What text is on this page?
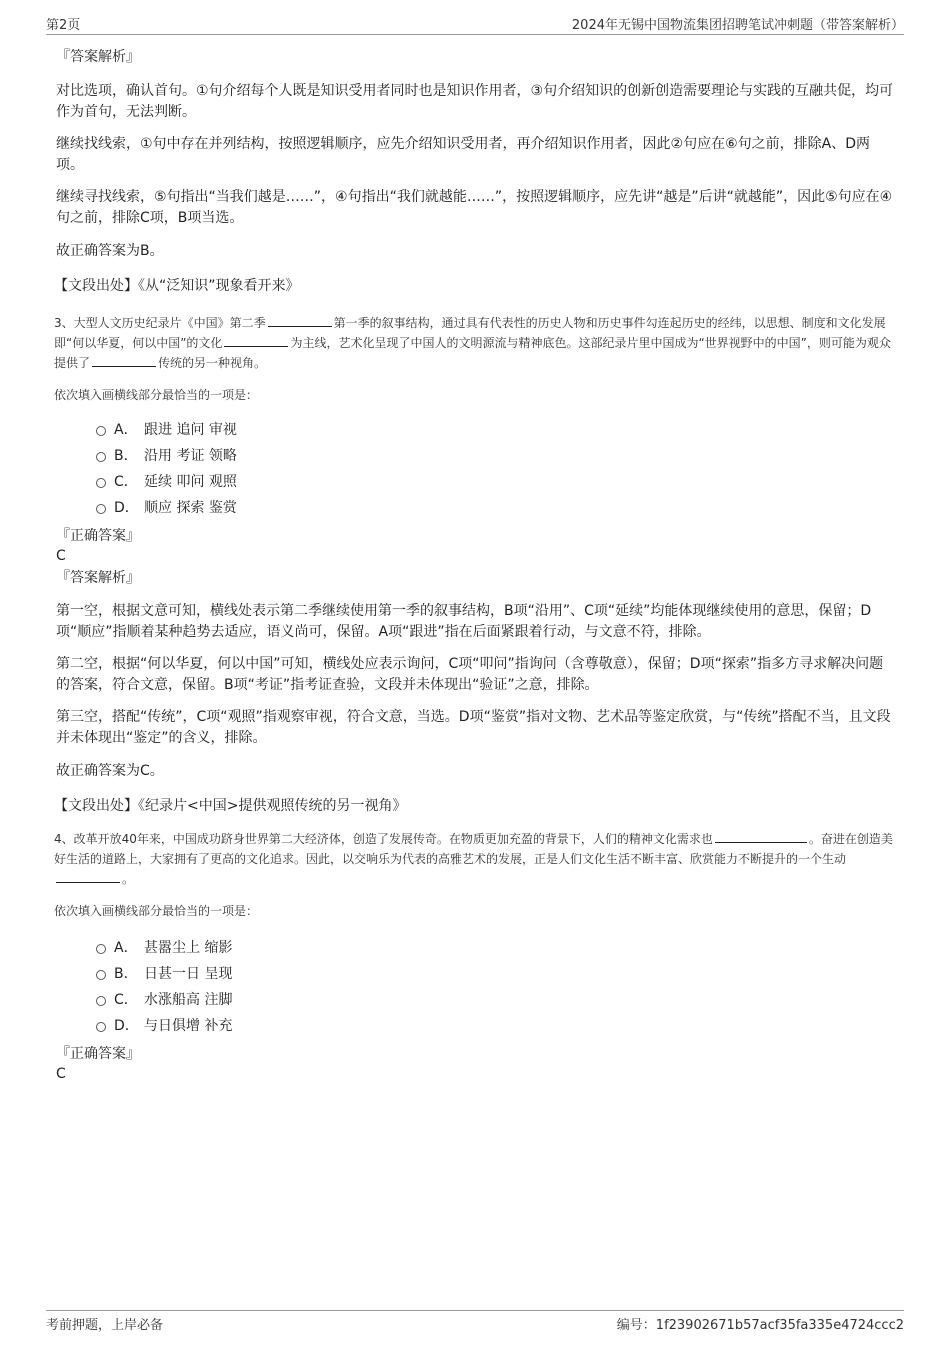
第2页	2024年无锡中国物流集团招聘笔试冲刺题（带答案解析）
『答案解析』

对比选项，确认首句。①句介绍每个人既是知识受用者同时也是知识作用者，③句介绍知识的创新创造需要理论与实践的互融共促，均可作为首句，无法判断。

继续找线索，①句中存在并列结构，按照逻辑顺序，应先介绍知识受用者，再介绍知识作用者，因此②句应在⑥句之前，排除A、D两项。

继续寻找线索，⑤句指出“当我们越是……”，④句指出“我们就越能……”，按照逻辑顺序，应先讲“越是”后讲“就越能”，因此⑤句应在④句之前，排除C项，B项当选。

故正确答案为B。

【文段出处】《从“泛知识”现象看开来》

3、大型人文历史纪录片《中国》第二季	第一季的叙事结构，通过具有代表性的历史人物和历史事件勾连起历史的经纬，以思想、制度和文化发展即“何以华夏，何以中国”的文化	为主线，艺术化呈现了中国人的文明源流与精神底色。这部纪录片里中国成为“世界视野中的中国”，则可能为观众提供了	传统的另一种视角。

依次填入画横线部分最恰当的一项是：

A． 跟进 追问 审视
B． 沿用 考证 领略
C． 延续 叩问 观照
D． 顺应 探索 鉴赏
『正确答案』
C
『答案解析』

第一空，根据文意可知，横线处表示第二季继续使用第一季的叙事结构，B项“沿用”、C项“延续”均能体现继续使用的意思，保留；D项“顺应”指顺着某种趋势去适应，语义尚可，保留。A项“跟进”指在后面紧跟着行动，与文意不符，排除。

第二空，根据“何以华夏，何以中国”可知，横线处应表示询问，C项“叩问”指询问（含尊敬意），保留；D项“探索”指多方寻求解决问题的答案，符合文意，保留。B项“考证”指考证查验，文段并未体现出“验证”之意，排除。

第三空，搭配“传统”，C项“观照”指观察审视，符合文意，当选。D项“鉴赏”指对文物、艺术品等鉴定欣赏，与“传统”搭配不当，且文段并未体现出“鉴定”的含义，排除。

故正确答案为C。

【文段出处】《纪录片<中国>提供观照传统的另一视角》

4、改革开放40年来，中国成功跻身世界第二大经济体，创造了发展传奇。在物质更加充盈的背景下，人们的精神文化需求也	。奋进在创造美好生活的道路上，大家拥有了更高的文化追求。因此，以交响乐为代表的高雅艺术的发展，正是人们文化生活不断丰富、欣赏能力不断提升的一个生动。

依次填入画横线部分最恰当的一项是：

A． 甚嚣尘上 缩影
B． 日甚一日 呈现
C． 水涨船高 注脚
D． 与日俱增 补充
『正确答案』
C
考前押题，上岸必备	编号：1f23902671b57acf35fa335e4724ccc2
